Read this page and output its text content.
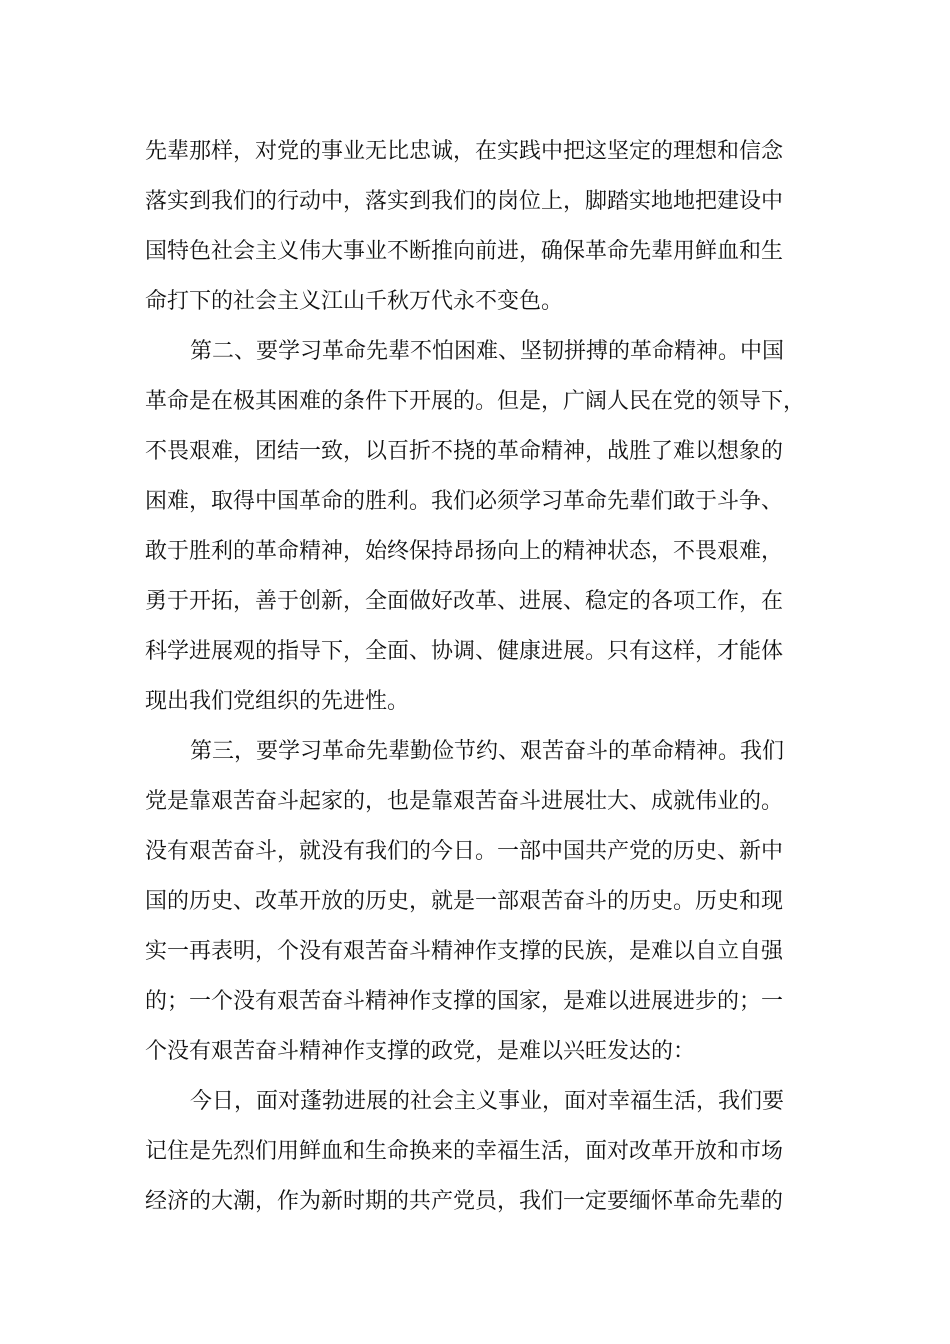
先辈那样，对党的事业无比忠诚，在实践中把这坚定的理想和信念
落实到我们的行动中，落实到我们的岗位上，脚踏实地地把建设中
国特色社会主义伟大事业不断推向前进，确保革命先辈用鲜血和生
命打下的社会主义江山千秋万代永不变色。
第二、要学习革命先辈不怕困难、坚韧拼搏的革命精神。中国
革命是在极其困难的条件下开展的。但是，广阔人民在党的领导下，
不畏艰难，团结一致，以百折不挠的革命精神，战胜了难以想象的
困难，取得中国革命的胜利。我们必须学习革命先辈们敢于斗争、
敢于胜利的革命精神，始终保持昂扬向上的精神状态，不畏艰难，
勇于开拓，善于创新，全面做好改革、进展、稳定的各项工作，在
科学进展观的指导下，全面、协调、健康进展。只有这样，才能体
现出我们党组织的先进性。
第三，要学习革命先辈勤俭节约、艰苦奋斗的革命精神。我们
党是靠艰苦奋斗起家的，也是靠艰苦奋斗进展壮大、成就伟业的。
没有艰苦奋斗，就没有我们的今日。一部中国共产党的历史、新中
国的历史、改革开放的历史，就是一部艰苦奋斗的历史。历史和现
实一再表明，个没有艰苦奋斗精神作支撑的民族，是难以自立自强
的；一个没有艰苦奋斗精神作支撑的国家，是难以进展进步的；一
个没有艰苦奋斗精神作支撑的政党，是难以兴旺发达的：
今日，面对蓬勃进展的社会主义事业，面对幸福生活，我们要
记住是先烈们用鲜血和生命换来的幸福生活，面对改革开放和市场
经济的大潮，作为新时期的共产党员，我们一定要缅怀革命先辈的
